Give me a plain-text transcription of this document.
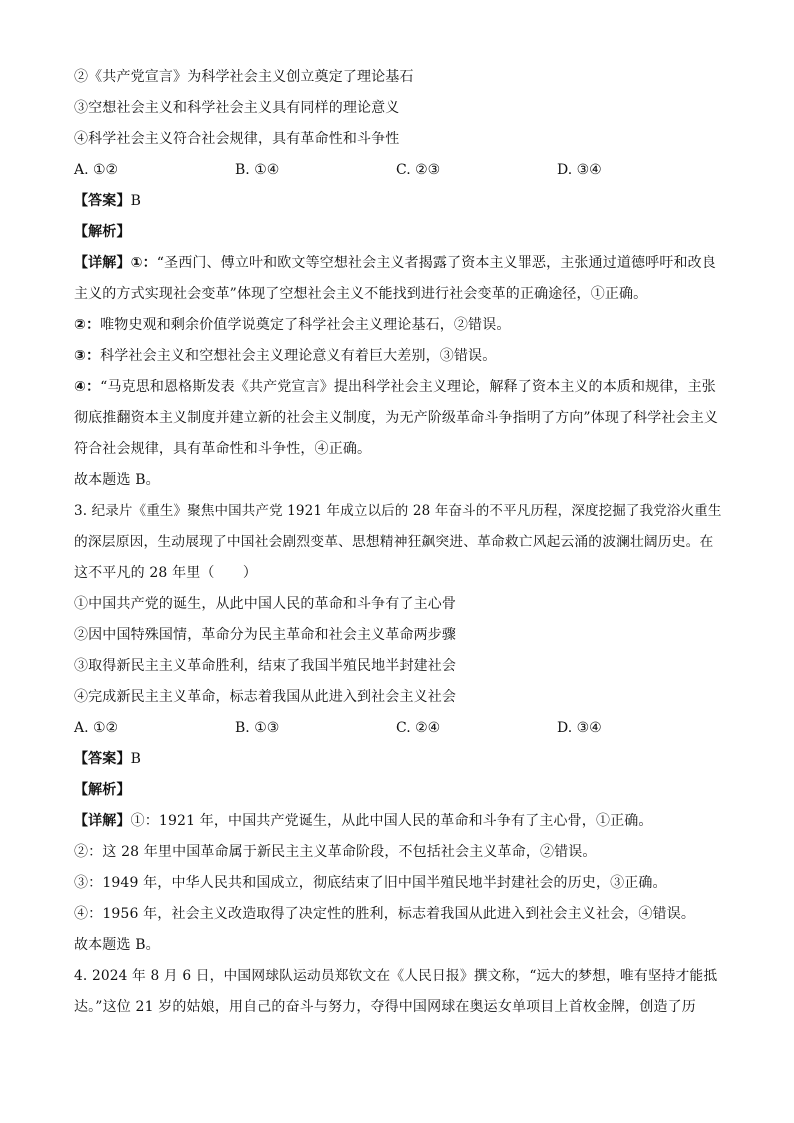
②《共产党宣言》为科学社会主义创立奠定了理论基石
③空想社会主义和科学社会主义具有同样的理论意义
④科学社会主义符合社会规律，具有革命性和斗争性
A. ①②	B. ①④	C. ②③	D. ③④
【答案】B
【解析】
【详解】①：“圣西门、傅立叶和欧文等空想社会主义者揭露了资本主义罪恶，主张通过道德呼吁和改良
主义的方式实现社会变革”体现了空想社会主义不能找到进行社会变革的正确途径，①正确。
②：唯物史观和剩余价值学说奠定了科学社会主义理论基石，②错误。
③：科学社会主义和空想社会主义理论意义有着巨大差别，③错误。
④：“马克思和恩格斯发表《共产党宣言》提出科学社会主义理论，解释了资本主义的本质和规律，主张
彻底推翻资本主义制度并建立新的社会主义制度，为无产阶级革命斗争指明了方向”体现了科学社会主义
符合社会规律，具有革命性和斗争性，④正确。
故本题选 B。
3. 纪录片《重生》聚焦中国共产党 1921 年成立以后的 28 年奋斗的不平凡历程，深度挖掘了我党浴火重生
的深层原因，生动展现了中国社会剧烈变革、思想精神狂飙突进、革命救亡风起云涌的波澜壮阔历史。在
这不平凡的 28 年里（　　）
①中国共产党的诞生，从此中国人民的革命和斗争有了主心骨
②因中国特殊国情，革命分为民主革命和社会主义革命两步骤
③取得新民主主义革命胜利，结束了我国半殖民地半封建社会
④完成新民主主义革命，标志着我国从此进入到社会主义社会
A. ①②	B. ①③	C. ②④	D. ③④
【答案】B
【解析】
【详解】①：1921 年，中国共产党诞生，从此中国人民的革命和斗争有了主心骨，①正确。
②：这 28 年里中国革命属于新民主主义革命阶段，不包括社会主义革命，②错误。
③：1949 年，中华人民共和国成立，彻底结束了旧中国半殖民地半封建社会的历史，③正确。
④：1956 年，社会主义改造取得了决定性的胜利，标志着我国从此进入到社会主义社会，④错误。
故本题选 B。
4. 2024 年 8 月 6 日，中国网球队运动员郑钦文在《人民日报》撰文称，“远大的梦想，唯有坚持才能抵
达。”这位 21 岁的姑娘，用自己的奋斗与努力，夺得中国网球在奥运女单项目上首枚金牌，创造了历
